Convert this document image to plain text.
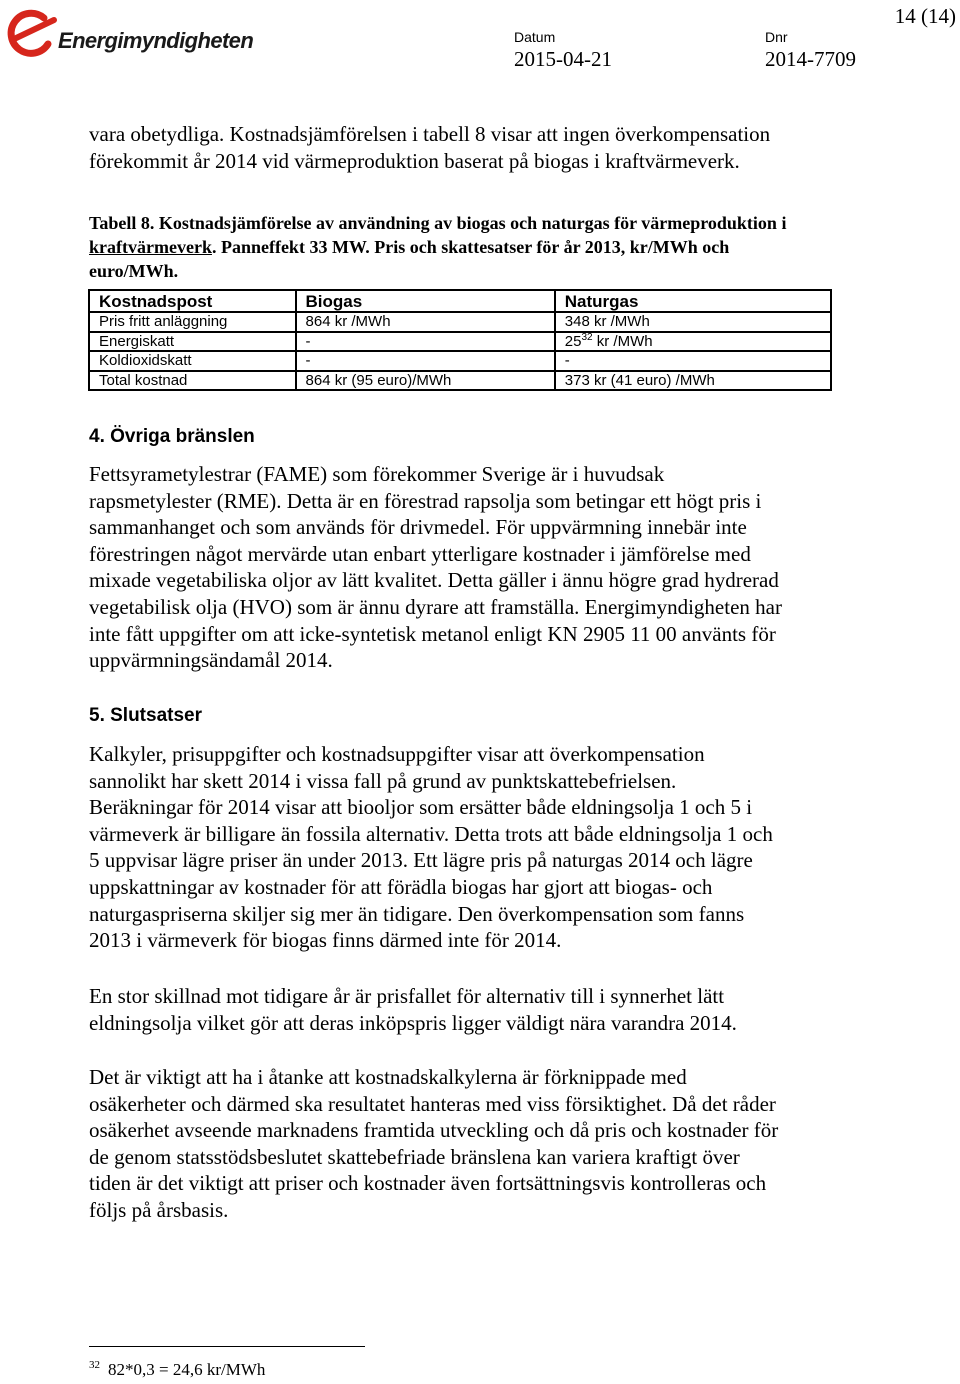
Energimyndigheten	Datum
2015-04-21
Dnr
2014-7709
14 (14)

vara obetydliga. Kostnadsjämförelsen i tabell 8 visar att ingen överkompensation
förekommit år 2014 vid värmeproduktion baserat på biogas i kraftvärmeverk.

Tabell 8. Kostnadsjämförelse av användning av biogas och naturgas för värmeproduktion i
kraftvärmeverk. Panneffekt 33 MW. Pris och skattesatser för år 2013, kr/MWh och
euro/MWh.

Kostnadspost	Biogas	Naturgas
Pris fritt anläggning	864 kr /MWh	348 kr /MWh
Energiskatt	-	$25^{32}$ kr /MWh
Koldioxidskatt	-	-
Total kostnad	864 kr (95 euro)/MWh	373 kr (41 euro) /MWh
4. Övriga bränslen

Fettsyrametylestrar (FAME) som förekommer Sverige är i huvudsak
rapsmetylester (RME). Detta är en förestrad rapsolja som betingar ett högt pris i
sammanhanget och som används för drivmedel. För uppvärmning innebär inte
förestringen något mervärde utan enbart ytterligare kostnader i jämförelse med
mixade vegetabiliska oljor av lätt kvalitet. Detta gäller i ännu högre grad hydrerad
vegetabilisk olja (HVO) som är ännu dyrare att framställa. Energimyndigheten har
inte fått uppgifter om att icke-syntetisk metanol enligt KN 2905 11 00 använts för
uppvärmningsändamål 2014.

5. Slutsatser

Kalkyler, prisuppgifter och kostnadsuppgifter visar att överkompensation
sannolikt har skett 2014 i vissa fall på grund av punktskattebefrielsen.
Beräkningar för 2014 visar att biooljor som ersätter både eldningsolja 1 och 5 i
värmeverk är billigare än fossila alternativ. Detta trots att både eldningsolja 1 och
5 uppvisar lägre priser än under 2013. Ett lägre pris på naturgas 2014 och lägre
uppskattningar av kostnader för att förädla biogas har gjort att biogas- och
naturgaspriserna skiljer sig mer än tidigare. Den överkompensation som fanns
2013 i värmeverk för biogas finns därmed inte för 2014.

En stor skillnad mot tidigare år är prisfallet för alternativ till i synnerhet lätt
eldningsolja vilket gör att deras inköpspris ligger väldigt nära varandra 2014.

Det är viktigt att ha i åtanke att kostnadskalkylerna är förknippade med
osäkerheter och därmed ska resultatet hanteras med viss försiktighet. Då det råder
osäkerhet avseende marknadens framtida utveckling och då pris och kostnader för
de genom statsstödsbeslutet skattebefriade bränslena kan variera kraftigt över
tiden är det viktigt att priser och kostnader även fortsättningsvis kontrolleras och
följs på årsbasis.

$^{32}$ 82*0,3 = 24,6 kr/MWh
